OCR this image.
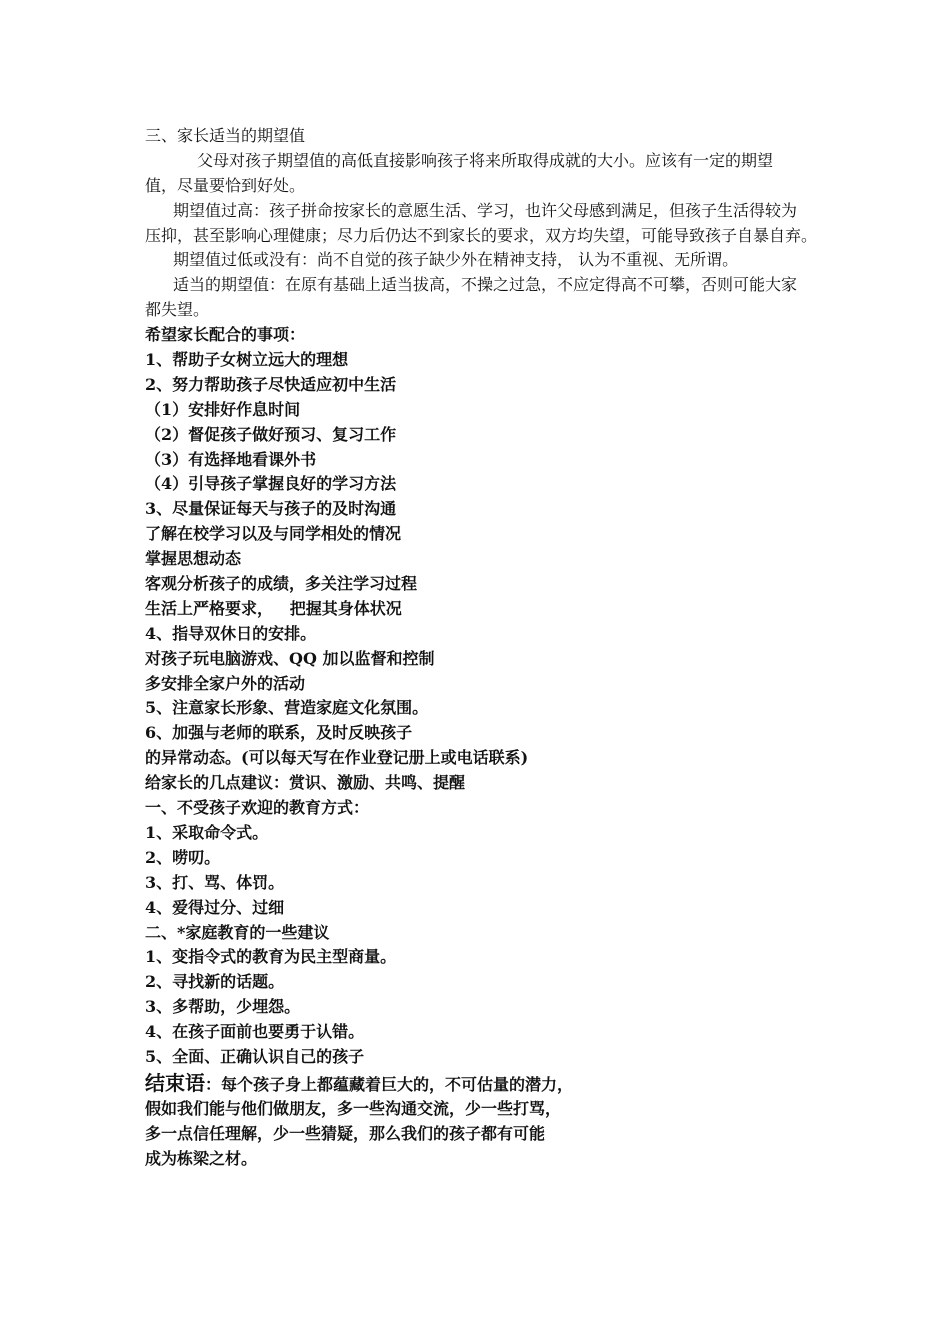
三、家长适当的期望值
父母对孩子期望值的高低直接影响孩子将来所取得成就的大小。应该有一定的期望
值，尽量要恰到好处。
期望值过高：孩子拼命按家长的意愿生活、学习，也许父母感到满足，但孩子生活得较为
压抑，甚至影响心理健康；尽力后仍达不到家长的要求，双方均失望，可能导致孩子自暴自弃。
期望值过低或没有：尚不自觉的孩子缺少外在精神支持， 认为不重视、无所谓。
适当的期望值：在原有基础上适当拔高，不操之过急，不应定得高不可攀，否则可能大家
都失望。
希望家长配合的事项：
1、帮助子女树立远大的理想
2、努力帮助孩子尽快适应初中生活
（1）安排好作息时间
（2）督促孩子做好预习、复习工作
（3）有选择地看课外书
（4）引导孩子掌握良好的学习方法
3、尽量保证每天与孩子的及时沟通
了解在校学习以及与同学相处的情况
掌握思想动态
客观分析孩子的成绩，多关注学习过程
生活上严格要求，   把握其身体状况
4、指导双休日的安排。
对孩子玩电脑游戏、QQ 加以监督和控制
多安排全家户外的活动
5、注意家长形象、营造家庭文化氛围。
6、加强与老师的联系，及时反映孩子
的异常动态。(可以每天写在作业登记册上或电话联系)
给家长的几点建议：赏识、激励、共鸣、提醒
一、不受孩子欢迎的教育方式：
1、采取命令式。
2、唠叨。
3、打、骂、体罚。
4、爱得过分、过细
二、*家庭教育的一些建议
1、变指令式的教育为民主型商量。
2、寻找新的话题。
3、多帮助，少埋怨。
4、在孩子面前也要勇于认错。
5、全面、正确认识自己的孩子
结束语：每个孩子身上都蕴藏着巨大的，不可估量的潜力，
假如我们能与他们做朋友，多一些沟通交流，少一些打骂，
多一点信任理解，少一些猜疑，那么我们的孩子都有可能
成为栋梁之材。
